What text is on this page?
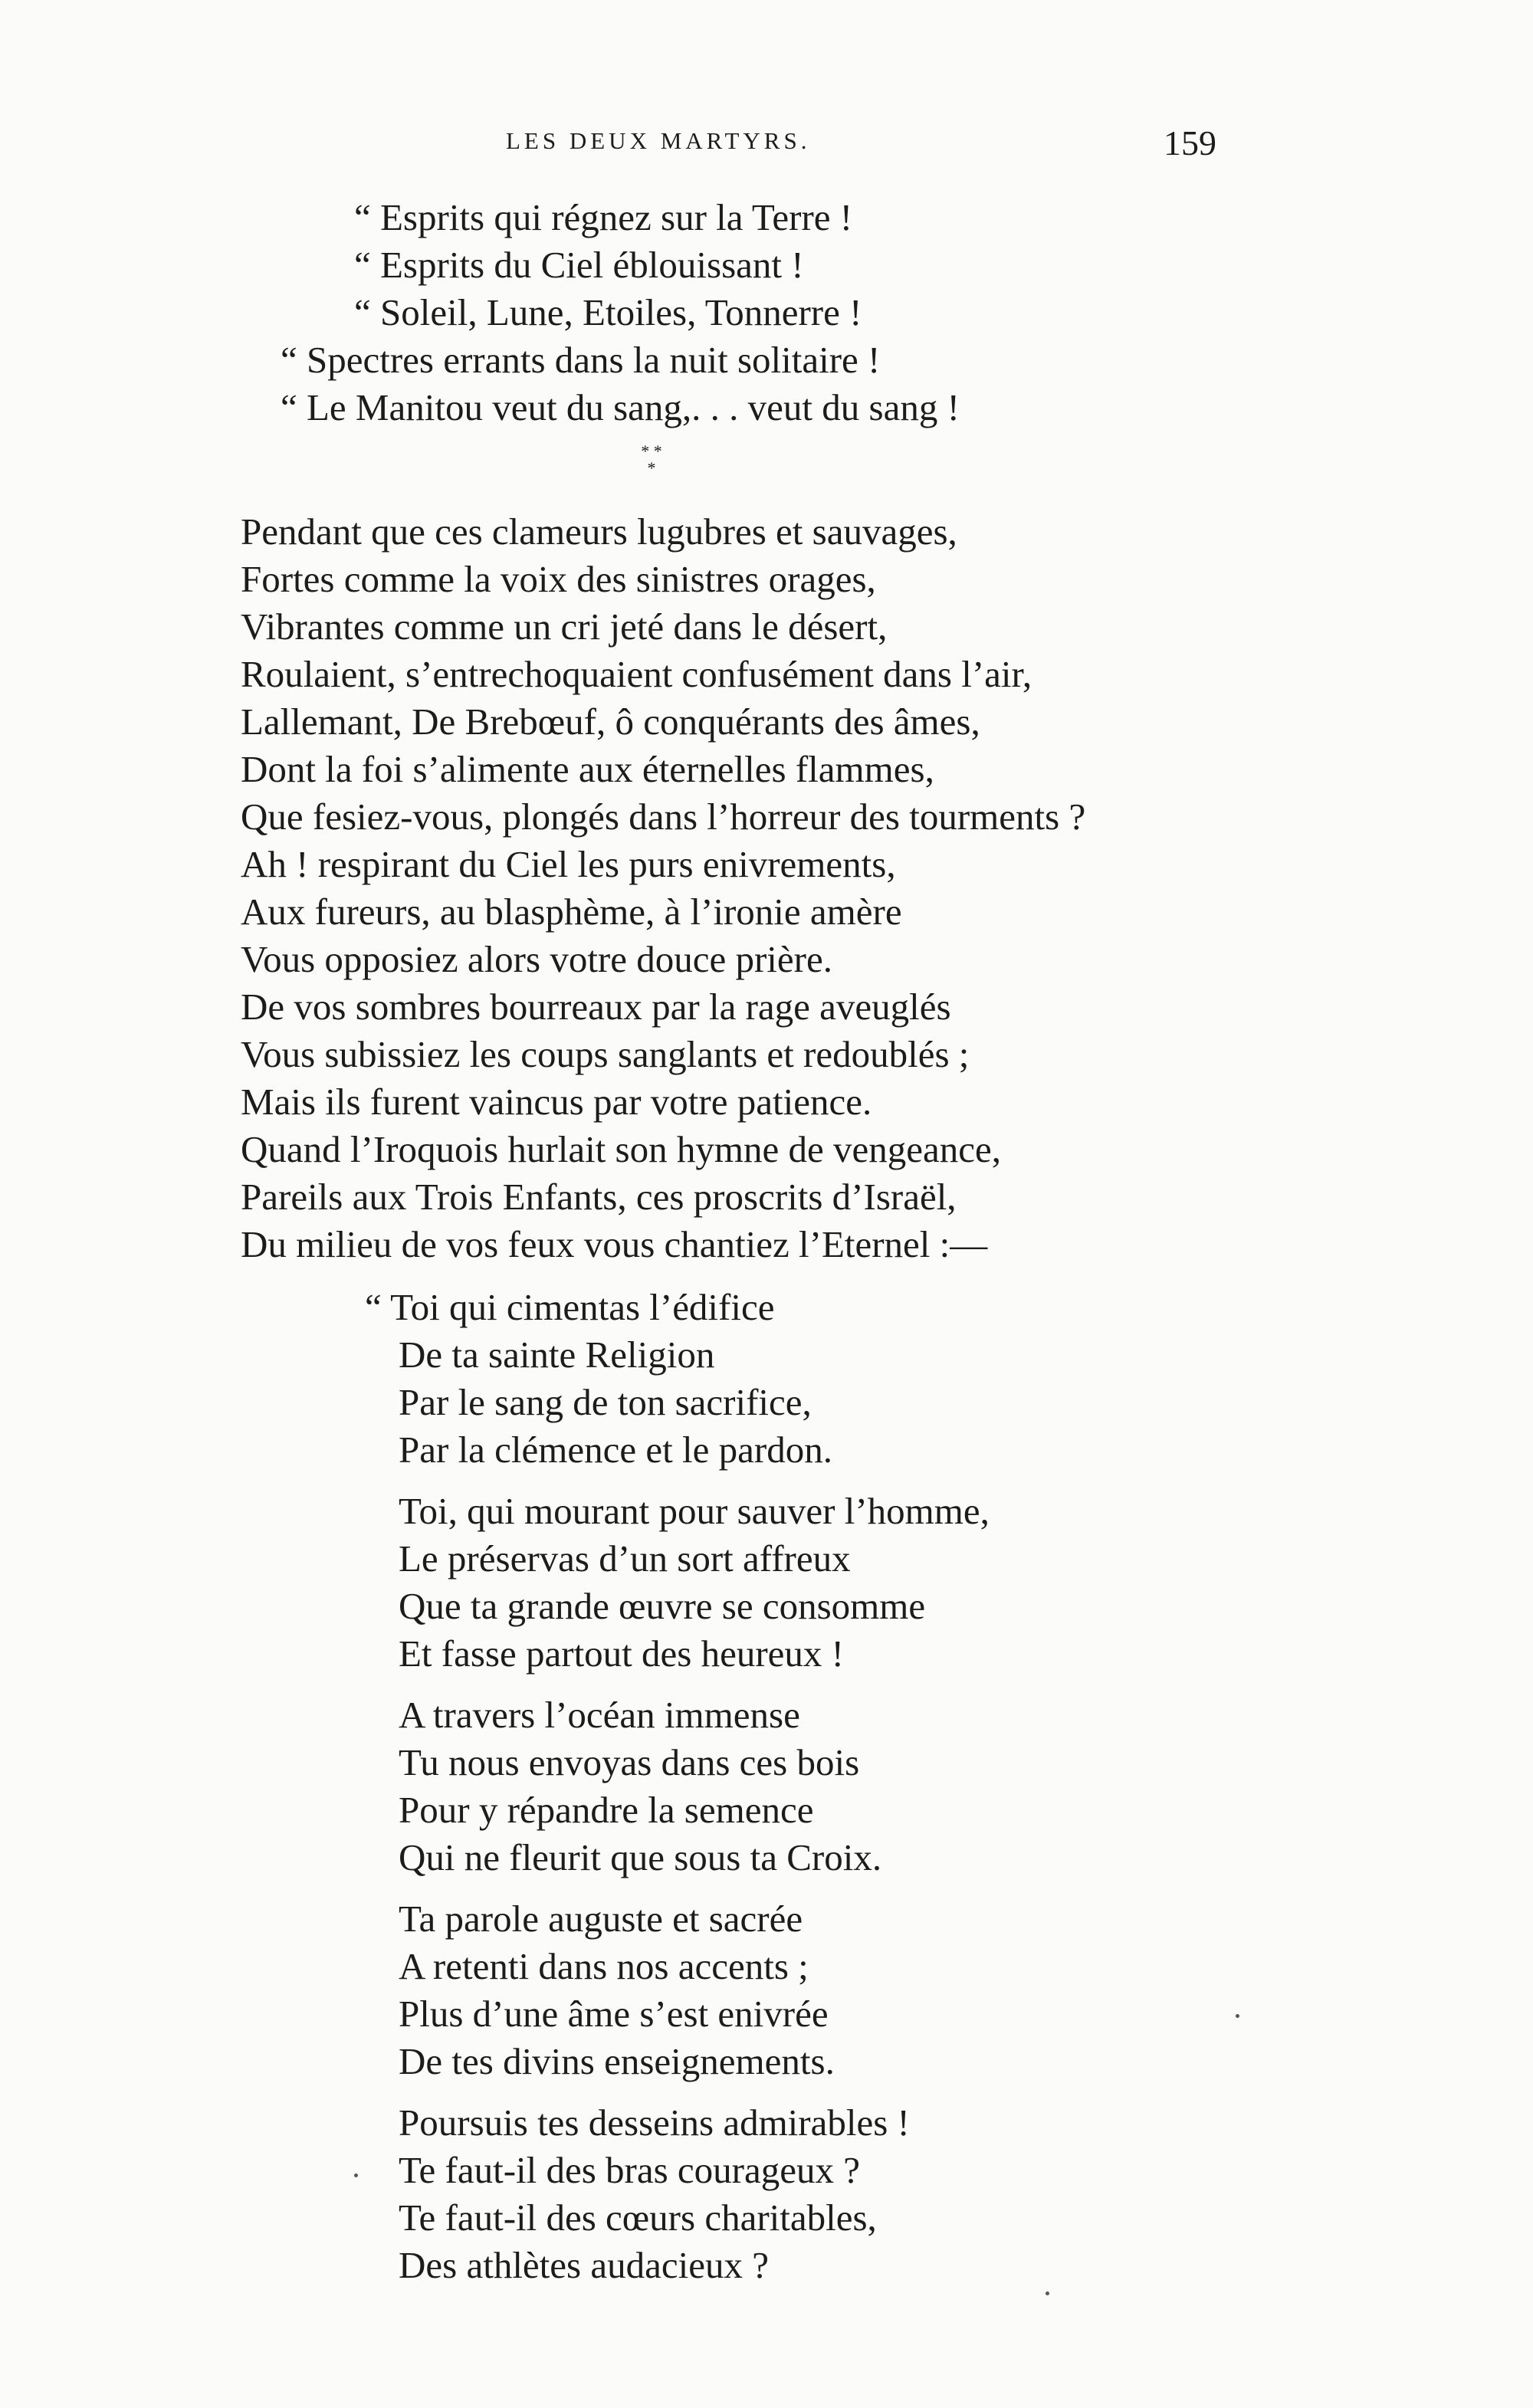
LES DEUX MARTYRS.	159
“ Esprits qui régnez sur la Terre !
“ Esprits du Ciel éblouissant !
“ Soleil, Lune, Etoiles, Tonnerre !
“ Spectres errants dans la nuit solitaire !
“ Le Manitou veut du sang,. . . veut du sang !
* *
*
Pendant que ces clameurs lugubres et sauvages,
Fortes comme la voix des sinistres orages,
Vibrantes comme un cri jeté dans le désert,
Roulaient, s’entrechoquaient confusément dans l’air,
Lallemant, De Brebœuf, ô conquérants des âmes,
Dont la foi s’alimente aux éternelles flammes,
Que fesiez-vous, plongés dans l’horreur des tourments ?
Ah ! respirant du Ciel les purs enivrements,
Aux fureurs, au blasphème, à l’ironie amère
Vous opposiez alors votre douce prière.
De vos sombres bourreaux par la rage aveuglés
Vous subissiez les coups sanglants et redoublés ;
Mais ils furent vaincus par votre patience.
Quand l’Iroquois hurlait son hymne de vengeance,
Pareils aux Trois Enfants, ces proscrits d’Israël,
Du milieu de vos feux vous chantiez l’Eternel :—
“ Toi qui cimentas l’édifice
De ta sainte Religion
Par le sang de ton sacrifice,
Par la clémence et le pardon.
Toi, qui mourant pour sauver l’homme,
Le préservas d’un sort affreux
Que ta grande œuvre se consomme
Et fasse partout des heureux !
A travers l’océan immense
Tu nous envoyas dans ces bois
Pour y répandre la semence
Qui ne fleurit que sous ta Croix.
Ta parole auguste et sacrée
A retenti dans nos accents ;
Plus d’une âme s’est enivrée
De tes divins enseignements.
Poursuis tes desseins admirables !
Te faut-il des bras courageux ?
Te faut-il des cœurs charitables,
Des athlètes audacieux ?
